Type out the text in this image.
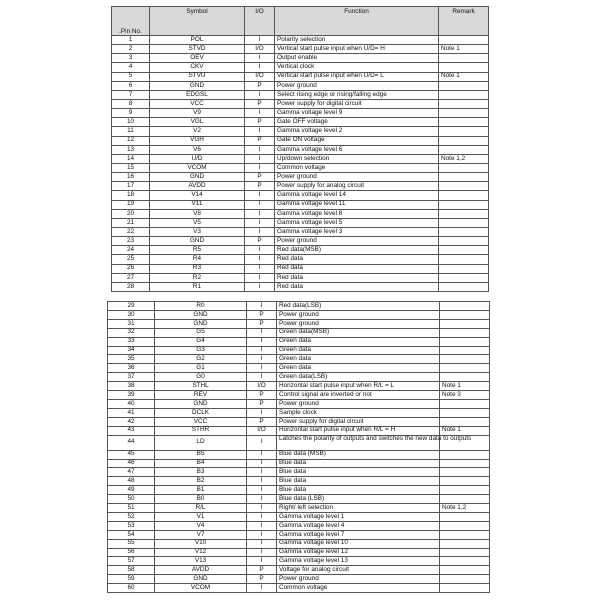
.Pin No.	Symbol	I/O	Function	Remark
1	POL	I	Polarity selection	
2	STVD	I/O	Vertical start pulse input when U/D= H	Note 1
3	OEV	I	Output enable	
4	CKV	I	Vertical clock	
5	STVU	I/O	Vertical start pulse input when U/D= L	Note 1
6	GND	P	Power ground	
7	EDGSL	I	Select rising edge or rising/falling edge	
8	VCC	P	Power supply for digital circuit	
9	V9	I	Gamma voltage level 9	
10	VGL	P	Gate OFF voltage	
11	V2	I	Gamma voltage level 2	
12	VGH	P	Gate ON voltage	
13	V6	I	Gamma voltage level 6	
14	U/D	I	Up/down selection	Note 1,2
15	VCOM	I	Common voltage	
16	GND	P	Power ground	
17	AVDD	P	Power supply for analog circuit	
18	V14	I	Gamma voltage level 14	
19	V11	I	Gamma voltage level 11	
20	V8	I	Gamma voltage level 8	
21	V5	I	Gamma voltage level 5	
22	V3	I	Gamma voltage level 3	
23	GND	P	Power ground	
24	R5	I	Red data(MSB)	
25	R4	I	Red data	
26	R3	I	Red data	
27	R2	I	Red data	
28	R1	I	Red data	
29	R0	I	Red data(LSB)	
30	GND	P	Power ground	
31	GND	P	Power ground	
32	G5	I	Green data(MSB)	
33	G4	I	Green data	
34	G3	I	Green data	
35	G2	I	Green data	
36	G1	I	Green data	
37	G0	I	Green data(LSB)	
38	STHL	I/O	Horizontal start pulse input when R/L = L	Note 1
39	REV	P	Control signal are inverted or not	Note 3
40	GND	P	Power ground	
41	DCLK	I	Sample clock	
42	VCC	P	Power supply for digital circuit	
43	STHR	I/O	Horizontal start pulse input when R/L = H	Note 1
44	LD	I	Latches the polarity of outputs and switches the new data to outputs	
45	B5	I	Blue data (MSB)	
46	B4	I	Blue data	
47	B3	I	Blue data	
48	B2	I	Blue data	
49	B1	I	Blue data	
50	B0	I	Blue data (LSB)	
51	R/L	I	Right/ left selection	Note 1,2
52	V1	I	Gamma voltage level 1	
53	V4	I	Gamma voltage level 4	
54	V7	I	Gamma voltage level 7	
55	V10	I	Gamma voltage level 10	
56	V12	I	Gamma voltage level 12	
57	V13	I	Gamma voltage level 13	
58	AVDD	P	Voltage for analog circuit	
59	GND	P	Power ground	
60	VCOM	I	Common voltage	
